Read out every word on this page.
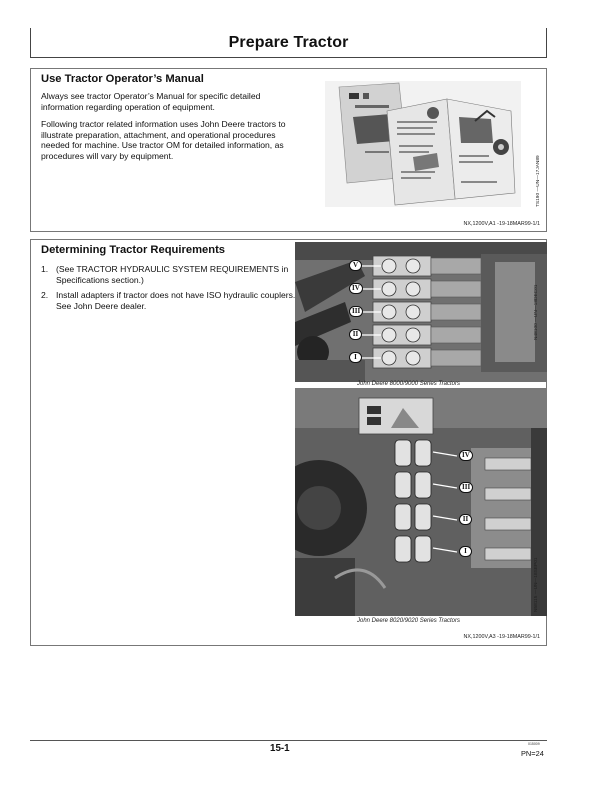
Prepare Tractor
Use Tractor Operator’s Manual
Always see tractor Operator’s Manual for specific detailed information regarding operation of equipment.
Following tractor related information uses John Deere tractors to illustrate preparation, attachment, and operational procedures needed for machine. Use tractor OM for detailed information, as procedures will vary by equipment.	TS190 —UN—17JAN89
NX,1200V,A1 -19-18MAR99-1/1
Determining Tractor Requirements
1. (See TRACTOR HYDRAULIC SYSTEM REQUIREMENTS in Specifications section.)
2. Install adapters if tractor does not have ISO hydraulic couplers. See John Deere dealer.
V
IV
III
II
I
John Deere 8000/9000 Series Tractors
N48100 —UN—18DEC01
IV
III
II
I
John Deere 8020/9020 Series Tractors
N58115 —UN—18SEP01
NX,1200V,A3 -19-18MAR99-1/1
15-1	015009
PN=24
